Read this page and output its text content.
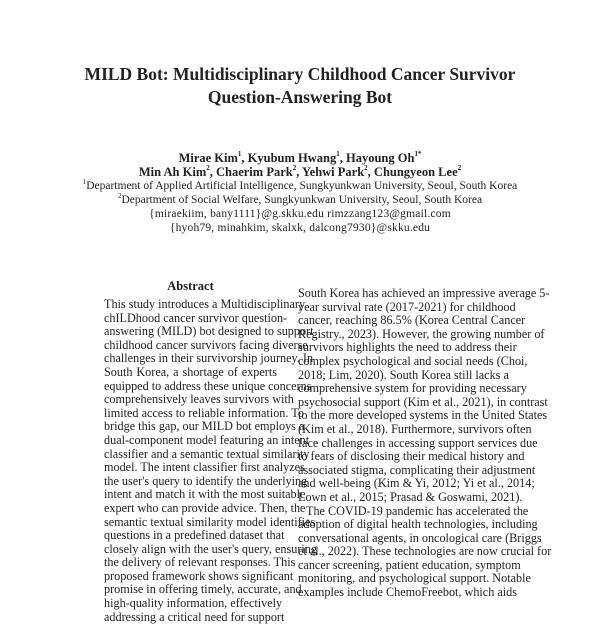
MILD Bot: Multidisciplinary Childhood Cancer Survivor
Question-Answering Bot
Mirae Kim$^1$, Kyubum Hwang$^1$, Hayoung $Oh^{1*}$
Min Ah Kim$^2$, Chaerim Park$^2$, Yehwi Park$^2$, Chungyeon Lee$^2$
$^1$Department of Applied Artificial Intelligence, Sungkyunkwan University, Seoul, South Korea
$^2$Department of Social Welfare, Sungkyunkwan University, Seoul, South Korea
{miraekiim, bany1111}@g.skku.edu rimzzang123@gmail.com
{hyoh79, minahkim, skalxk, dalcong7930}@skku.edu
Abstract
This study introduces a Multidisciplinary
chILDhood cancer survivor question-
answering (MILD) bot designed to support
childhood cancer survivors facing diverse
challenges in their survivorship journey. In
South Korea, a shortage of experts
equipped to address these unique concerns
comprehensively leaves survivors with
limited access to reliable information. To
bridge this gap, our MILD bot employs a
dual-component model featuring an intent
classifier and a semantic textual similarity
model. The intent classifier first analyzes
the user's query to identify the underlying
intent and match it with the most suitable
expert who can provide advice. Then, the
semantic textual similarity model identifies
questions in a predefined dataset that
closely align with the user's query, ensuring
the delivery of relevant responses. This
proposed framework shows significant
promise in offering timely, accurate, and
high-quality information, effectively
addressing a critical need for support
South Korea has achieved an impressive average 5-
year survival rate (2017-2021) for childhood
cancer, reaching 86.5% (Korea Central Cancer
Registry., 2023). However, the growing number of
survivors highlights the need to address their
complex psychological and social needs (Choi,
2018; Lim, 2020). South Korea still lacks a
comprehensive system for providing necessary
psychosocial support (Kim et al., 2021), in contrast
to the more developed systems in the United States
(Kim et al., 2018). Furthermore, survivors often
face challenges in accessing support services due
to fears of disclosing their medical history and
associated stigma, complicating their adjustment
and well-being (Kim & Yi, 2012; Yi et al., 2014;
Lown et al., 2015; Prasad & Goswami, 2021).
The COVID-19 pandemic has accelerated the
adoption of digital health technologies, including
conversational agents, in oncological care (Briggs
et al., 2022). These technologies are now crucial for
cancer screening, patient education, symptom
monitoring, and psychological support. Notable
examples include ChemoFreebot, which aids
